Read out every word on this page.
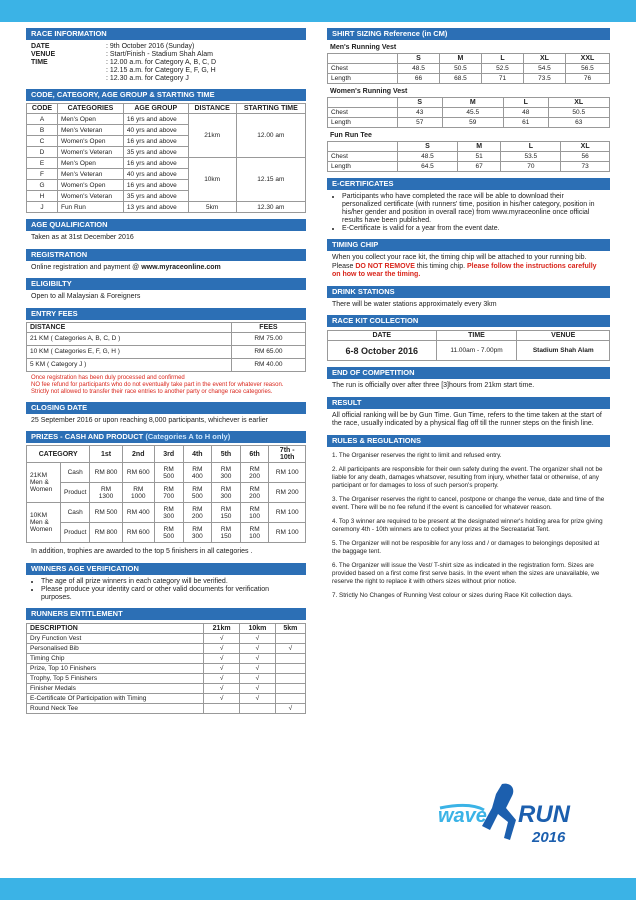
RACE INFORMATION
DATE	: 9th October 2016 (Sunday)
VENUE	: Start/Finish - Stadium Shah Alam
TIME	: 12.00 a.m. for Category A, B, C, D
: 12.15 a.m. for Category E, F, G, H
: 12.30 a.m. for Category J
CODE, CATEGORY, AGE GROUP & STARTING TIME
CODE	CATEGORIES	AGE GROUP	DISTANCE	STARTING TIME
A	Men's Open	16 yrs and above	21km	12.00 am
B	Men's Veteran	40 yrs and above		
C	Women's Open	16 yrs and above		
D	Women's Veteran	35 yrs and above		
E	Men's Open	16 yrs and above	10km	12.15 am
F	Men's Veteran	40 yrs and above		
G	Women's Open	16 yrs and above		
H	Women's Veteran	35 yrs and above		
J	Fun Run	13 yrs and above	5km	12.30 am
AGE QUALIFICATION
Taken as at 31st December 2016
REGISTRATION
Online registration and payment @ www.myraceonline.com
ELIGIBILTY
Open to all Malaysian & Foreigners
ENTRY FEES
DISTANCE	FEES
21 KM ( Categories A, B, C, D )	RM 75.00
10 KM ( Categories E, F, G, H )	RM 65.00
5 KM ( Category J )	RM 40.00
Once registration has been duly processed and confirmed
NO fee refund for participants who do not eventually take part in the event for whatever reason.
Strictly not allowed to transfer their race entries to another party or change race categories.
CLOSING DATE
25 September 2016 or upon reaching 8,000 participants, whichever is earlier
PRIZES - CASH AND PRODUCT (Categories A to H only)
CATEGORY		1st	2nd	3rd	4th	5th	6th	7th - 10th
21KM Men & Women	Cash	RM 800	RM 600	RM 500	RM 400	RM 300	RM 200	RM 100
	Product	RM 1300	RM 1000	RM 700	RM 500	RM 300	RM 200	RM 200
10KM Men & Women	Cash	RM 500	RM 400	RM 300	RM 200	RM 150	RM 100	RM 100
	Product	RM 800	RM 600	RM 500	RM 300	RM 150	RM 100	RM 100
In addition, trophies are awarded to the top 5 finishers in all categories .
WINNERS AGE VERIFICATION
• The age of all prize winners in each category will be verified.
• Please produce your identity card or other valid documents for verification purposes.
RUNNERS ENTITLEMENT
DESCRIPTION	21km	10km	5km
Dry Function Vest	√	√	
Personalised Bib	√	√	√
Timing Chip	√	√	
Prize, Top 10 Finishers	√	√	
Trophy, Top 5 Finishers	√	√	
Finisher Medals	√	√	
E-Certificate Of Participation with Timing	√	√	
Round Neck Tee			√
SHIRT SIZING Reference (in CM)
Men's Running Vest
	S	M	L	XL	XXL
Chest	48.5	50.5	52.5	54.5	56.5
Length	66	68.5	71	73.5	76
Women's Running Vest
	S	M	L	XL
Chest	43	45.5	48	50.5
Length	57	59	61	63
Fun Run Tee
	S	M	L	XL
Chest	48.5	51	53.5	56
Length	64.5	67	70	73
E-CERTIFICATES
• Participants who have completed the race will be able to download their personalized certificate (with runners' time, position in his/her category, position in his/her gender and position in overall race) from www.myraceonline once official results have been published.
• E-Certificate is valid for a year from the event date.
TIMING CHIP
When you collect your race kit, the timing chip will be attached to your running bib. Please DO NOT REMOVE this timing chip. Please follow the instructions carefully on how to wear the timing.
DRINK STATIONS
There will be water stations approximately every 3km
RACE KIT COLLECTION
DATE	TIME	VENUE
6-8 October 2016	11.00am - 7.00pm	Stadium Shah Alam
END OF COMPETITION
The run is officially over after three [3]hours from 21km start time.
RESULT
All official ranking will be by Gun Time. Gun Time, refers to the time taken at the start of the race, usually indicated by a physical flag off till the runner steps on the finish line.
RULES & REGULATIONS

1. The Organiser reserves the right to limit and refused entry.

2. All participants are responsible for their own safety during the event. The organizer shall not be liable for any death, damages whatsover, resulting from injury, whether fatal or otherwise, of any participant or for damages to loss of such person's property.

3. The Organiser reserves the right to cancel, postpone or change the venue, date and time of the event. There will be no fee refund if the event is cancelled for whatever reason.

4. Top 3 winner are required to be present at the designated winner's holding area for prize giving ceremony 4th - 10th winners are to collect your prizes at the Secreatariat Tent.

5. The Organizer will not be resposible for any loss and / or damages to belongings deposited at the baggage tent.

6. The Organizer will issue the Vest/ T-shirt size as indicated in the registration form. Sizes are provided based on a first come first serve basis. In the event when the sizes are unavailable, we reserve the right to replace it with others sizes without prior notice.

7. Strictly No Changes of Running Vest colour or sizes during Race Kit collection days.

wave RUN
2016
